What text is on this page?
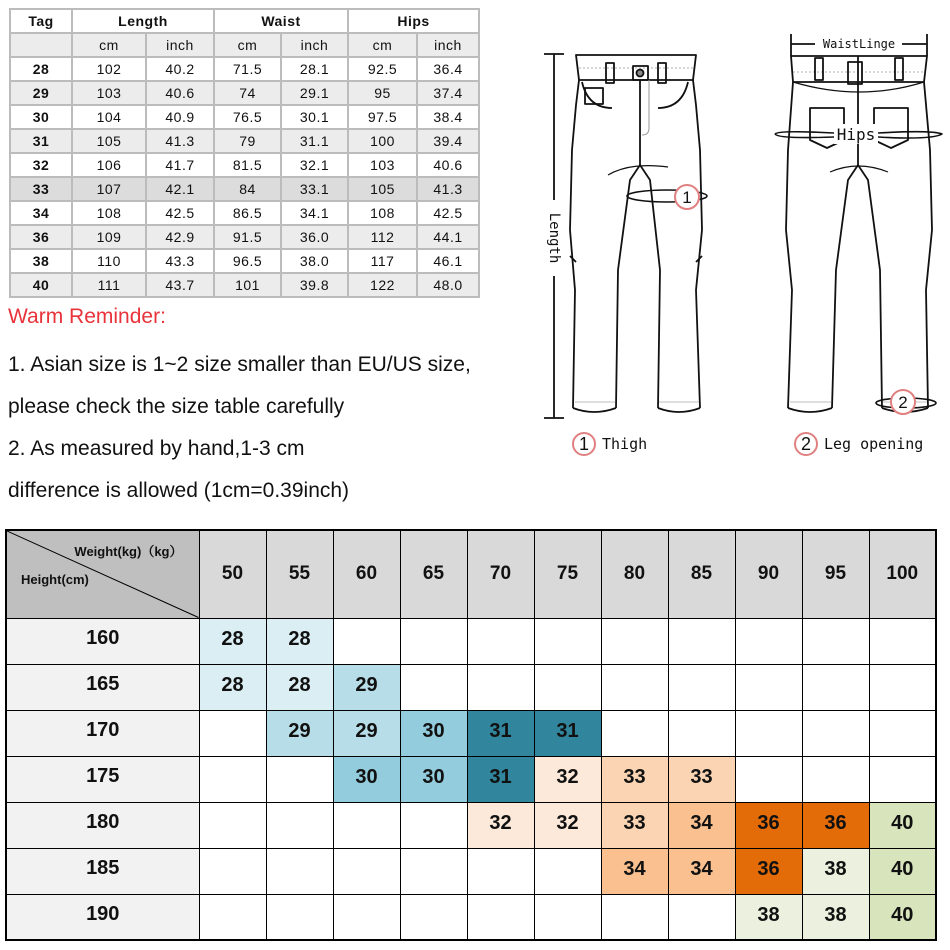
Tag	Length		Waist		Hips	
	cm	inch	cm	inch	cm	inch
28	102	40.2	71.5	28.1	92.5	36.4
29	103	40.6	74	29.1	95	37.4
30	104	40.9	76.5	30.1	97.5	38.4
31	105	41.3	79	31.1	100	39.4
32	106	41.7	81.5	32.1	103	40.6
33	107	42.1	84	33.1	105	41.3
34	108	42.5	86.5	34.1	108	42.5
36	109	42.9	91.5	36.0	112	44.1
38	110	43.3	96.5	38.0	117	46.1
40	111	43.7	101	39.8	122	48.0
Warm Reminder:
1. Asian size is 1~2 size smaller than EU/US size,
please check the size table carefully
2. As measured by hand,1-3 cm
difference is allowed (1cm=0.39inch)
Length
WaistLinge
Hips
1
2
1 Thigh	2 Leg opening
Weight(kg)（kg）
Height(cm)	50	55	60	65	70	75	80	85	90	95	100
160	28	28									
165	28	28	29								
170		29	29	30	31	31					
175			30	30	31	32	33	33			
180					32	32	33	34	36	36	40
185							34	34	36	38	40
190									38	38	40
